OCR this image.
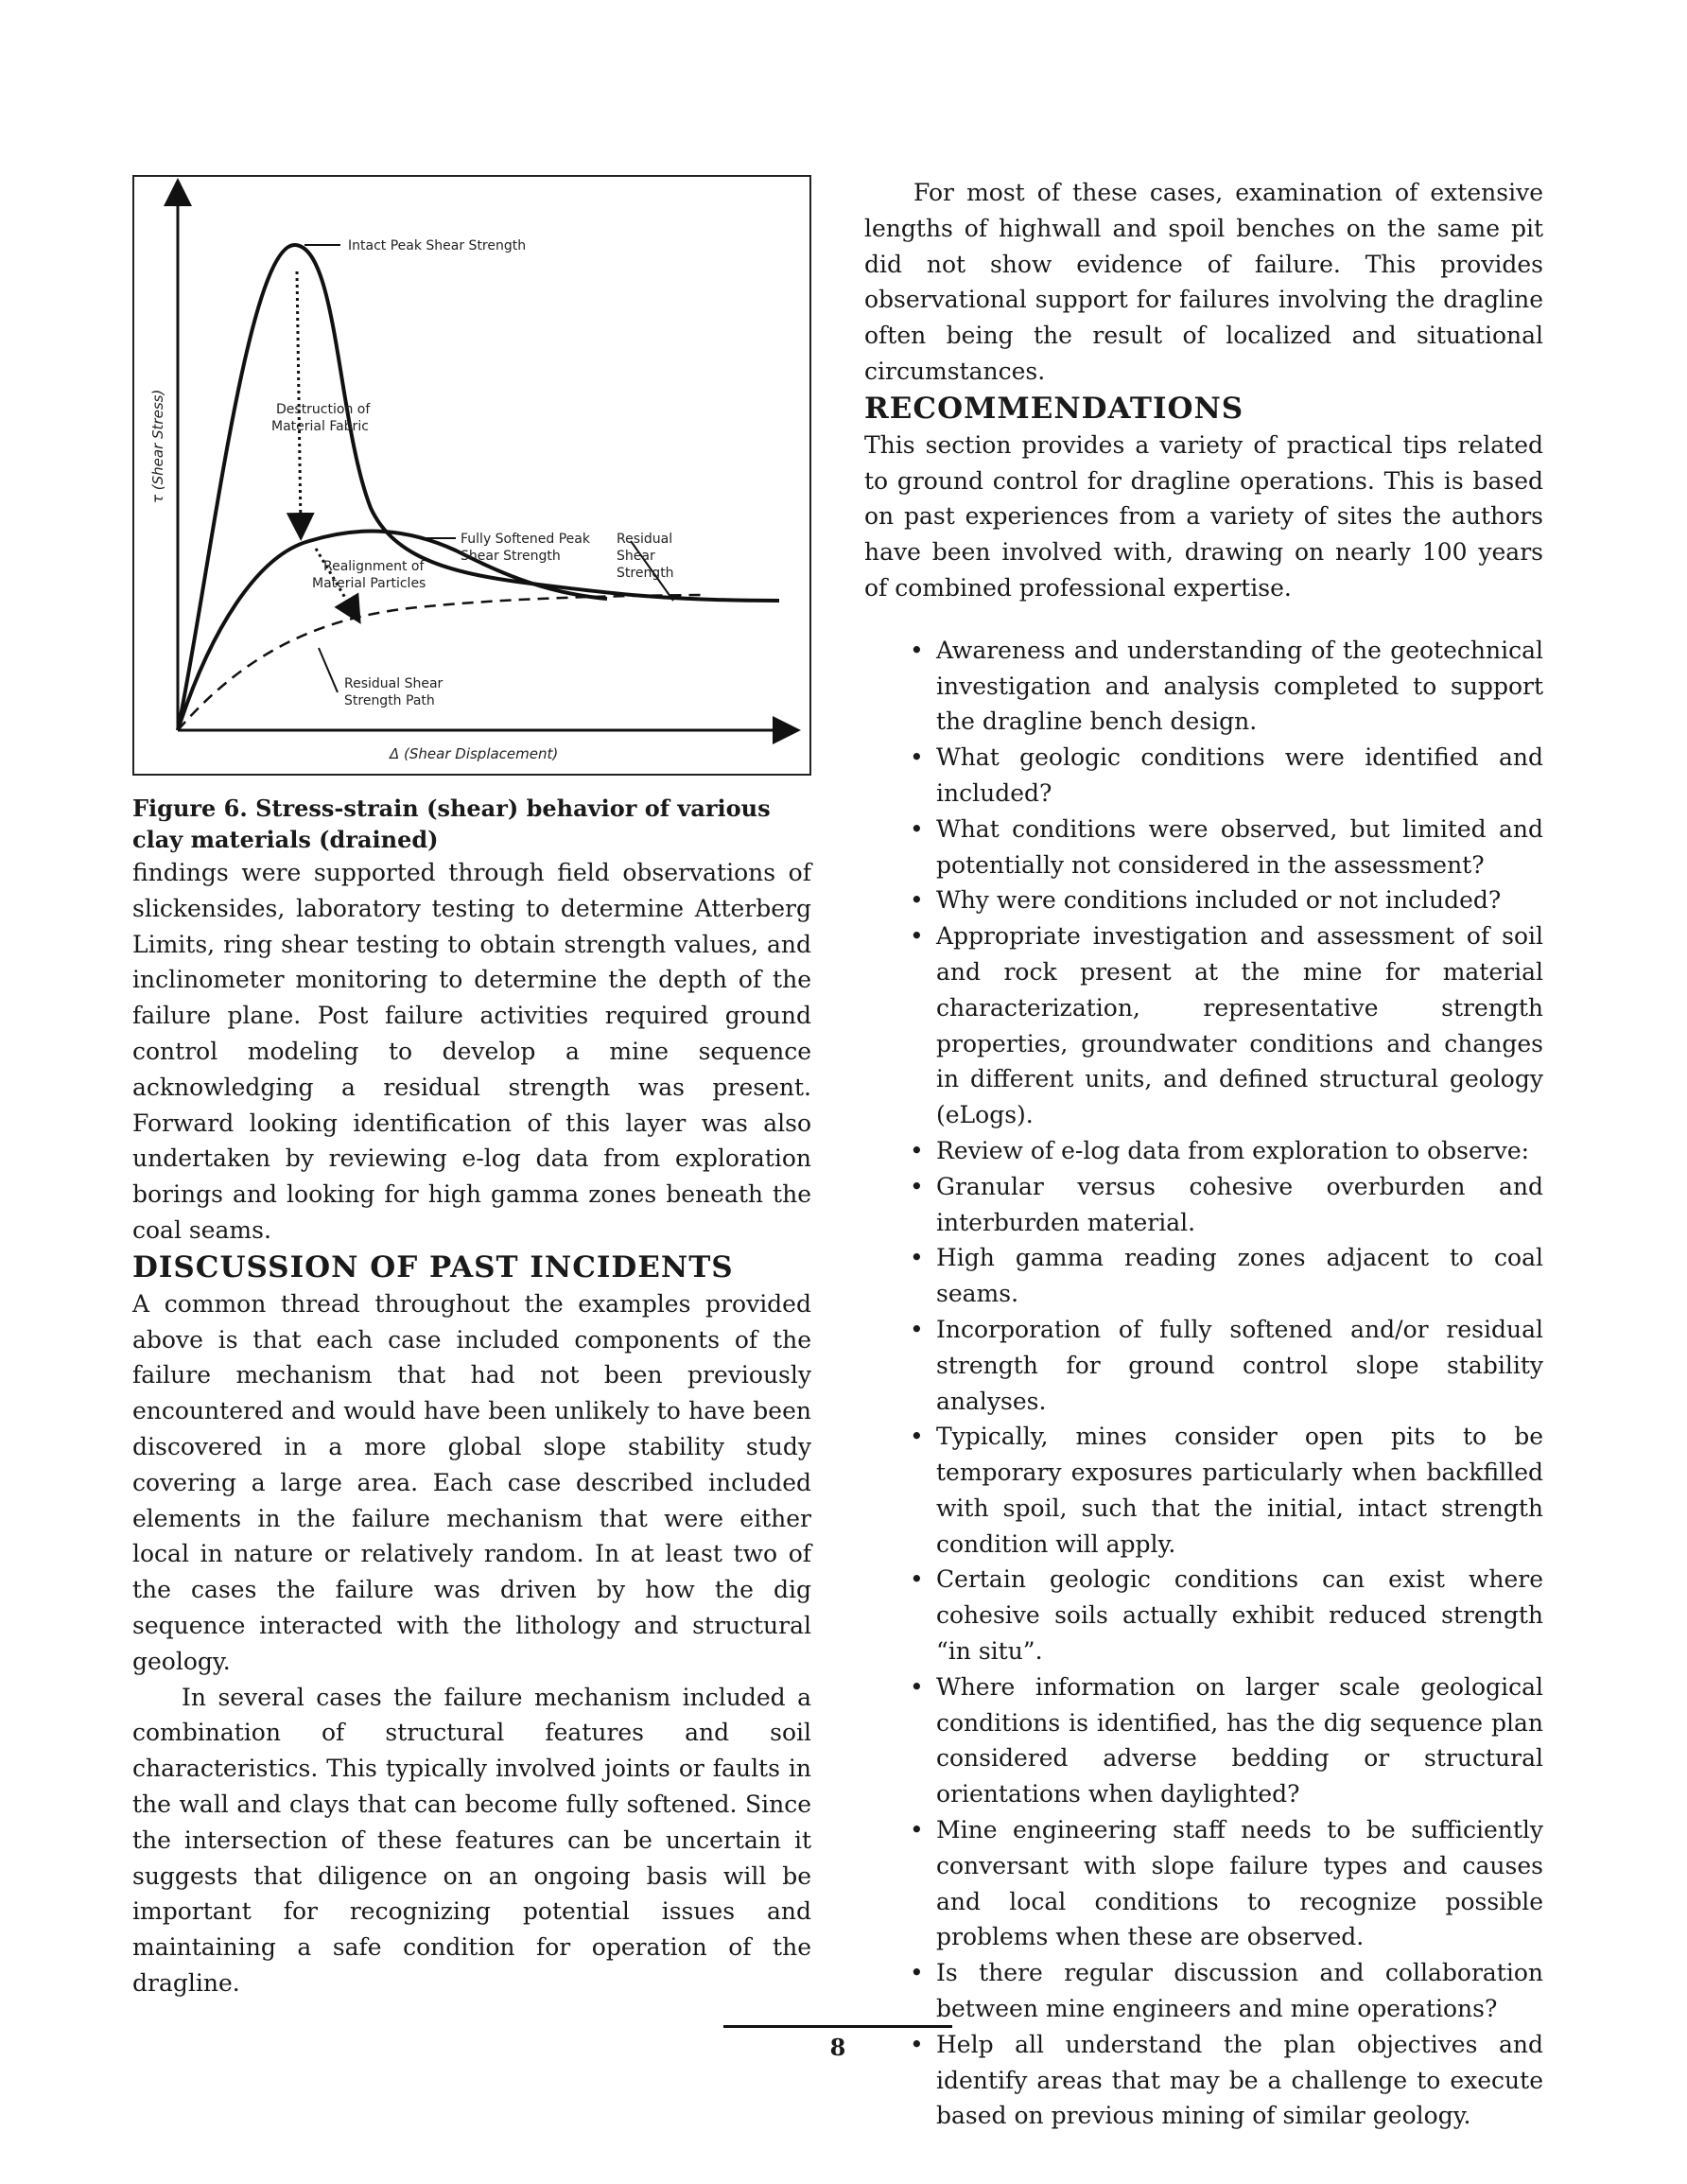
Intact Peak Shear Strength
Destruction of
Material Fabric
Fully Softened Peak
Shear Strength
Residual
Shear
Strength
Realignment of
Material Particles
Residual Shear
Strength Path
Δ (Shear Displacement)
τ (Shear Stress)

Figure 6. Stress-strain (shear) behavior of various clay materials (drained)

findings were supported through field observations of slickensides, laboratory testing to determine Atterberg Limits, ring shear testing to obtain strength values, and inclinometer monitoring to determine the depth of the failure plane. Post failure activities required ground control modeling to develop a mine sequence acknowledging a residual strength was present. Forward looking identification of this layer was also undertaken by reviewing e-log data from exploration borings and looking for high gamma zones beneath the coal seams.

DISCUSSION OF PAST INCIDENTS

A common thread throughout the examples provided above is that each case included components of the failure mechanism that had not been previously encountered and would have been unlikely to have been discovered in a more global slope stability study covering a large area. Each case described included elements in the failure mechanism that were either local in nature or relatively random. In at least two of the cases the failure was driven by how the dig sequence interacted with the lithology and structural geology.

In several cases the failure mechanism included a combination of structural features and soil characteristics. This typically involved joints or faults in the wall and clays that can become fully softened. Since the intersection of these features can be uncertain it suggests that diligence on an ongoing basis will be important for recognizing potential issues and maintaining a safe condition for operation of the dragline.

For most of these cases, examination of extensive lengths of highwall and spoil benches on the same pit did not show evidence of failure. This provides observational support for failures involving the dragline often being the result of localized and situational circumstances.

RECOMMENDATIONS

This section provides a variety of practical tips related to ground control for dragline operations. This is based on past experiences from a variety of sites the authors have been involved with, drawing on nearly 100 years of combined professional expertise.

• Awareness and understanding of the geotechnical investigation and analysis completed to support the dragline bench design.
• What geologic conditions were identified and included?
• What conditions were observed, but limited and potentially not considered in the assessment?
• Why were conditions included or not included?
• Appropriate investigation and assessment of soil and rock present at the mine for material characterization, representative strength properties, groundwater conditions and changes in different units, and defined structural geology (eLogs).
• Review of e-log data from exploration to observe:
• Granular versus cohesive overburden and interburden material.
• High gamma reading zones adjacent to coal seams.
• Incorporation of fully softened and/or residual strength for ground control slope stability analyses.
• Typically, mines consider open pits to be temporary exposures particularly when backfilled with spoil, such that the initial, intact strength condition will apply.
• Certain geologic conditions can exist where cohesive soils actually exhibit reduced strength “in situ”.
• Where information on larger scale geological conditions is identified, has the dig sequence plan considered adverse bedding or structural orientations when daylighted?
• Mine engineering staff needs to be sufficiently conversant with slope failure types and causes and local conditions to recognize possible problems when these are observed.
• Is there regular discussion and collaboration between mine engineers and mine operations?
• Help all understand the plan objectives and identify areas that may be a challenge to execute based on previous mining of similar geology.
8
